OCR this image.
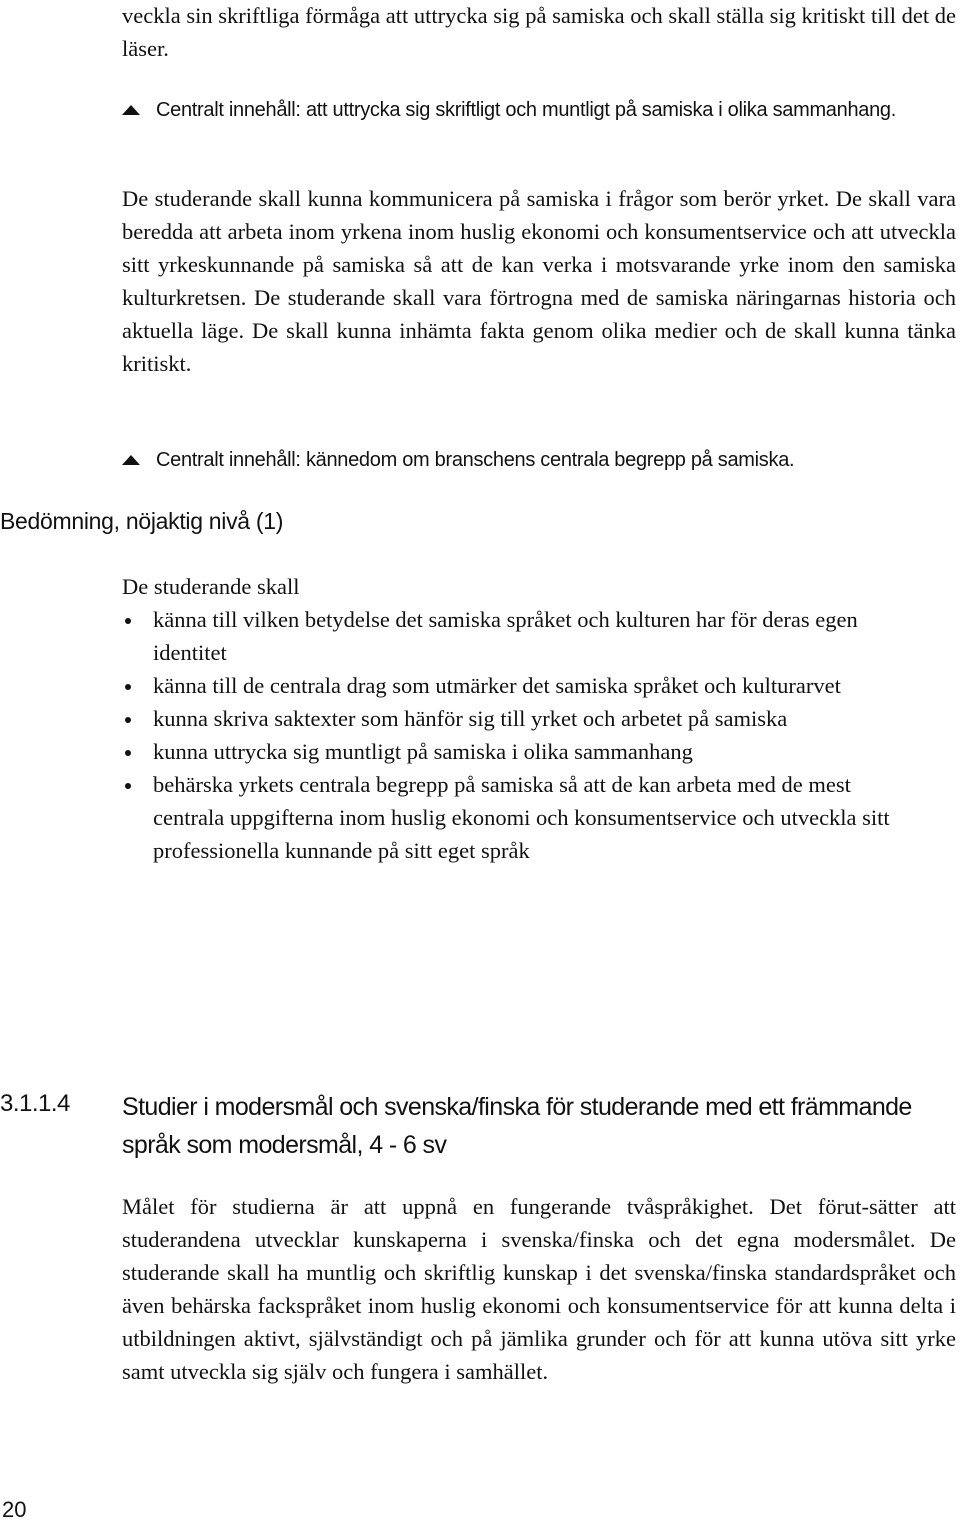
veckla sin skriftliga förmåga att uttrycka sig på samiska och skall ställa sig kritiskt till det de läser.
Centralt innehåll: att uttrycka sig skriftligt och muntligt på samiska i olika sammanhang.
De studerande skall kunna kommunicera på samiska i frågor som berör yrket. De skall vara beredda att arbeta inom yrkena inom huslig ekonomi och konsumentservice och att utveckla sitt yrkeskunnande på samiska så att de kan verka i motsvarande yrke inom den samiska kulturkretsen. De studerande skall vara förtrogna med de samiska näringarnas historia och aktuella läge. De skall kunna inhämta fakta genom olika medier och de skall kunna tänka kritiskt.
Centralt innehåll: kännedom om branschens centrala begrepp på samiska.
Bedömning, nöjaktig nivå (1)
De studerande skall
känna till vilken betydelse det samiska språket och kulturen har för deras egen identitet
känna till de centrala drag som utmärker det samiska språket och kulturarvet
kunna skriva saktexter som hänför sig till yrket och arbetet på samiska
kunna uttrycka sig muntligt på samiska i olika sammanhang
behärska yrkets centrala begrepp på samiska så att de kan arbeta med de mest centrala uppgifterna inom huslig ekonomi och konsumentservice och utveckla sitt professionella kunnande på sitt eget språk
3.1.1.4	Studier i modersmål och svenska/finska för studerande med ett främmande språk som modersmål, 4 - 6 sv
Målet för studierna är att uppnå en fungerande tvåspråkighet. Det förut-sätter att studerandena utvecklar kunskaperna i svenska/finska och det egna modersmålet. De studerande skall ha muntlig och skriftlig kunskap i det svenska/finska standardspråket och även behärska fackspråket inom huslig ekonomi och konsumentservice för att kunna delta i utbildningen aktivt, självständigt och på jämlika grunder och för att kunna utöva sitt yrke samt utveckla sig själv och fungera i samhället.
20
